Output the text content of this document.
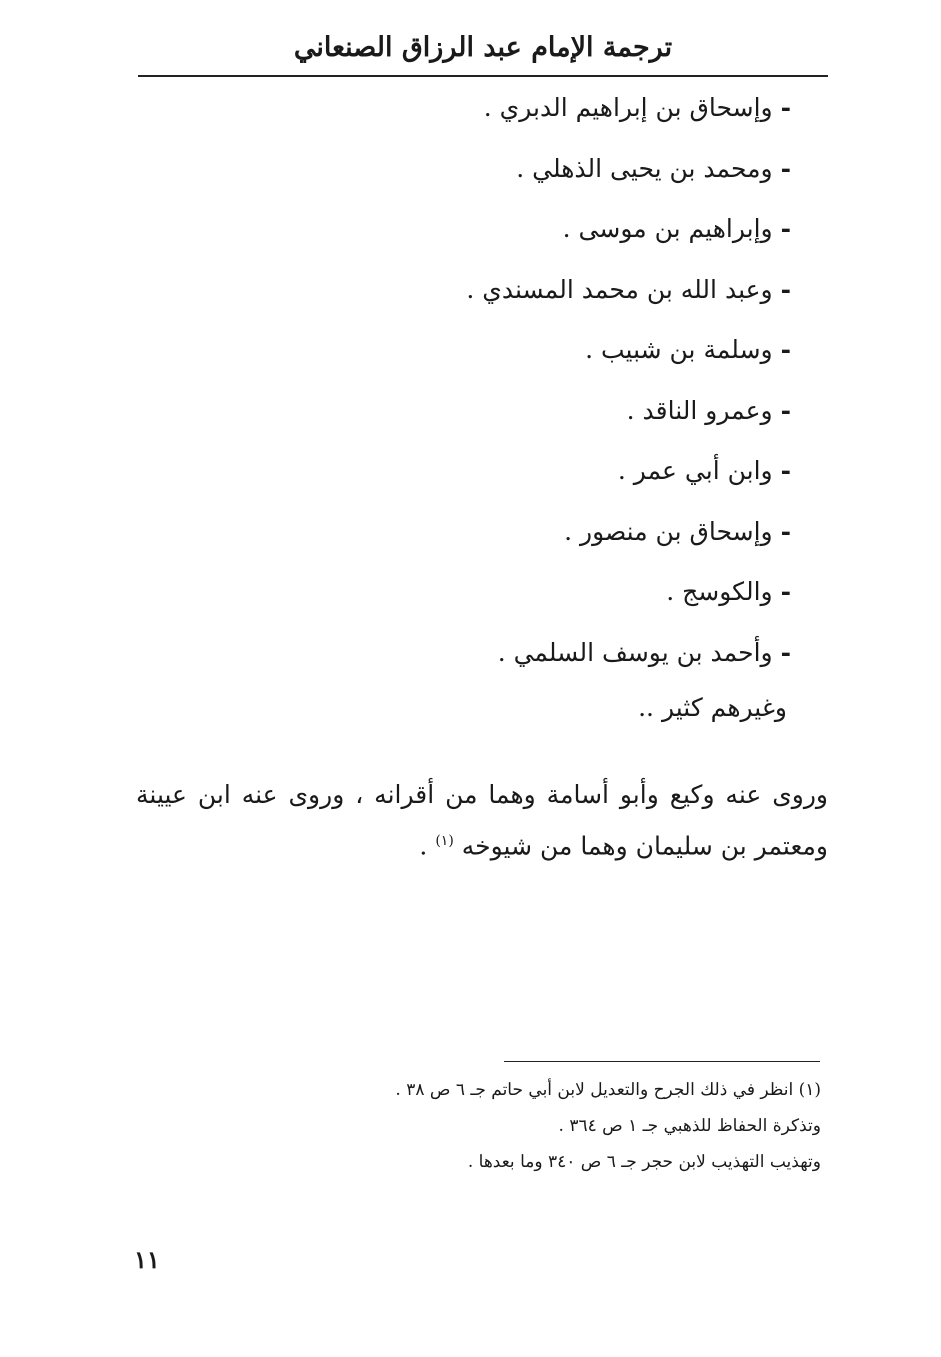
ترجمة الإمام عبد الرزاق الصنعاني
-وإسحاق بن إبراهيم الدبري .
-ومحمد بن يحيى الذهلي .
-وإبراهيم بن موسى .
-وعبد الله بن محمد المسندي .
-وسلمة بن شبيب .
-وعمرو الناقد .
-وابن أبي عمر .
-وإسحاق بن منصور .
-والكوسج .
-وأحمد بن يوسف السلمي .
وغيرهم كثير ..

وروى عنه وكيع وأبو أسامة وهما من أقرانه ، وروى عنه ابن عيينة ومعتمر بن سليمان وهما من شيوخه $^{(١)}$ .

(١) انظر في ذلك الجرح والتعديل لابن أبي حاتم جـ ٦ ص ٣٨ .
وتذكرة الحفاظ للذهبي جـ ١ ص ٣٦٤ .
وتهذيب التهذيب لابن حجر جـ ٦ ص ٣٤٠ وما بعدها .
١١
